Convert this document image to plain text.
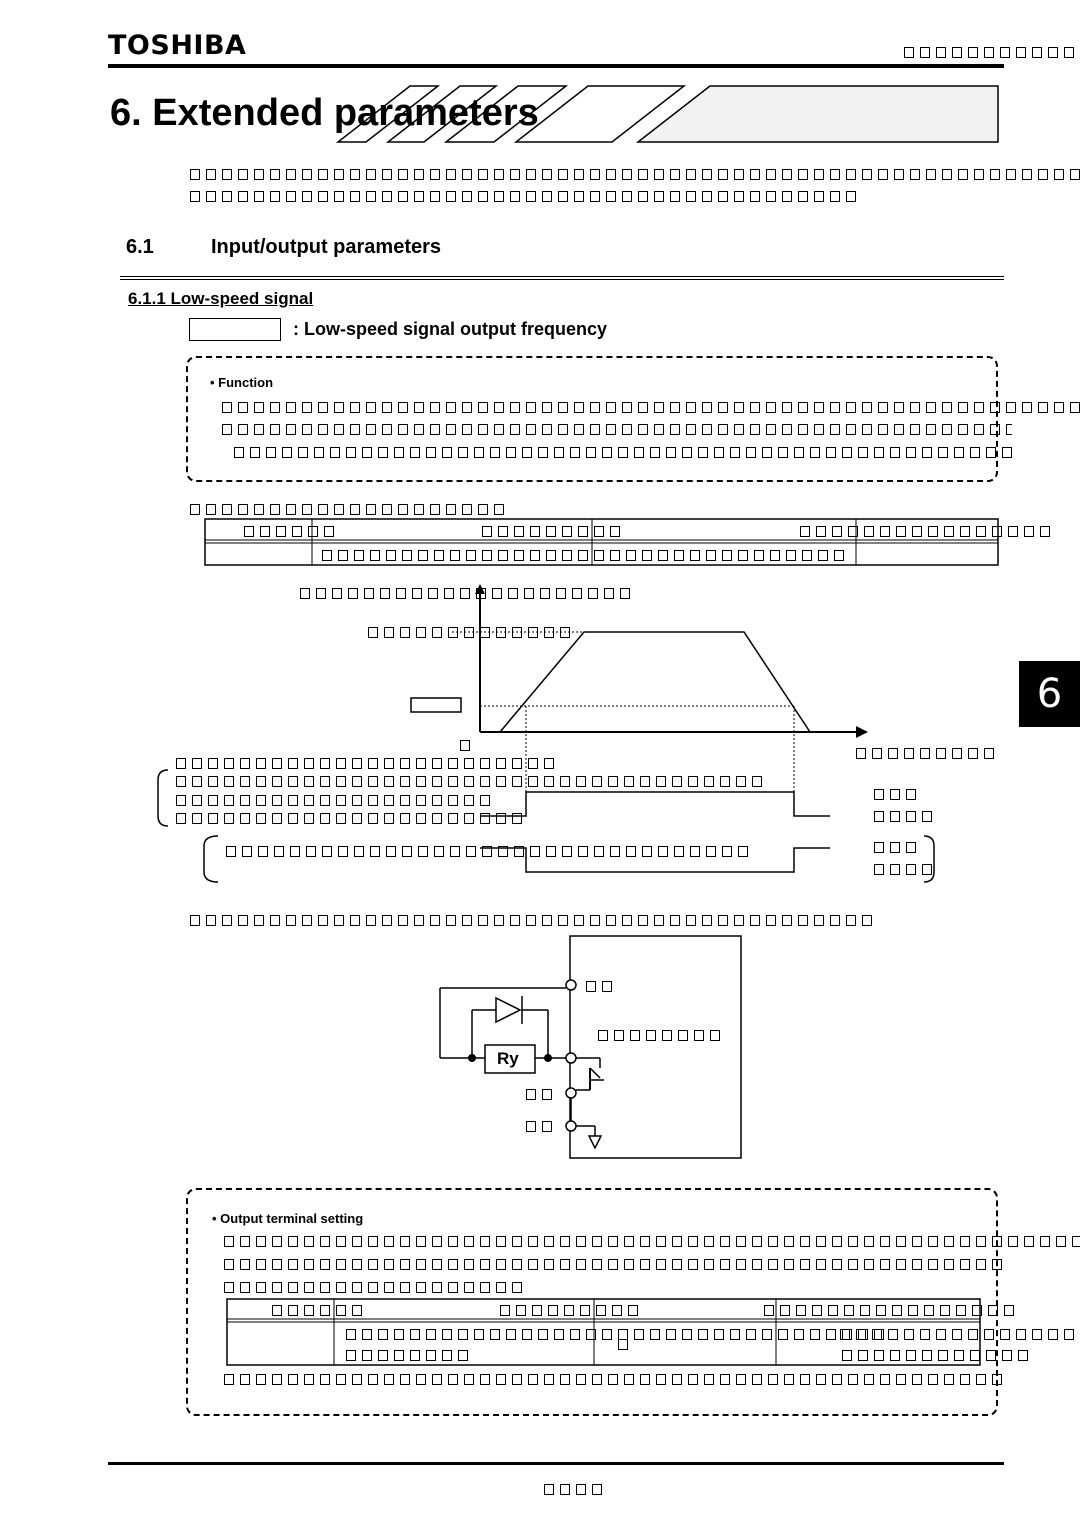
TOSHIBA
6. Extended parameters
6.1	Input/output parameters
6.1.1 Low-speed signal
: Low-speed signal output frequency
• Function
Ry
• Output terminal setting
6
